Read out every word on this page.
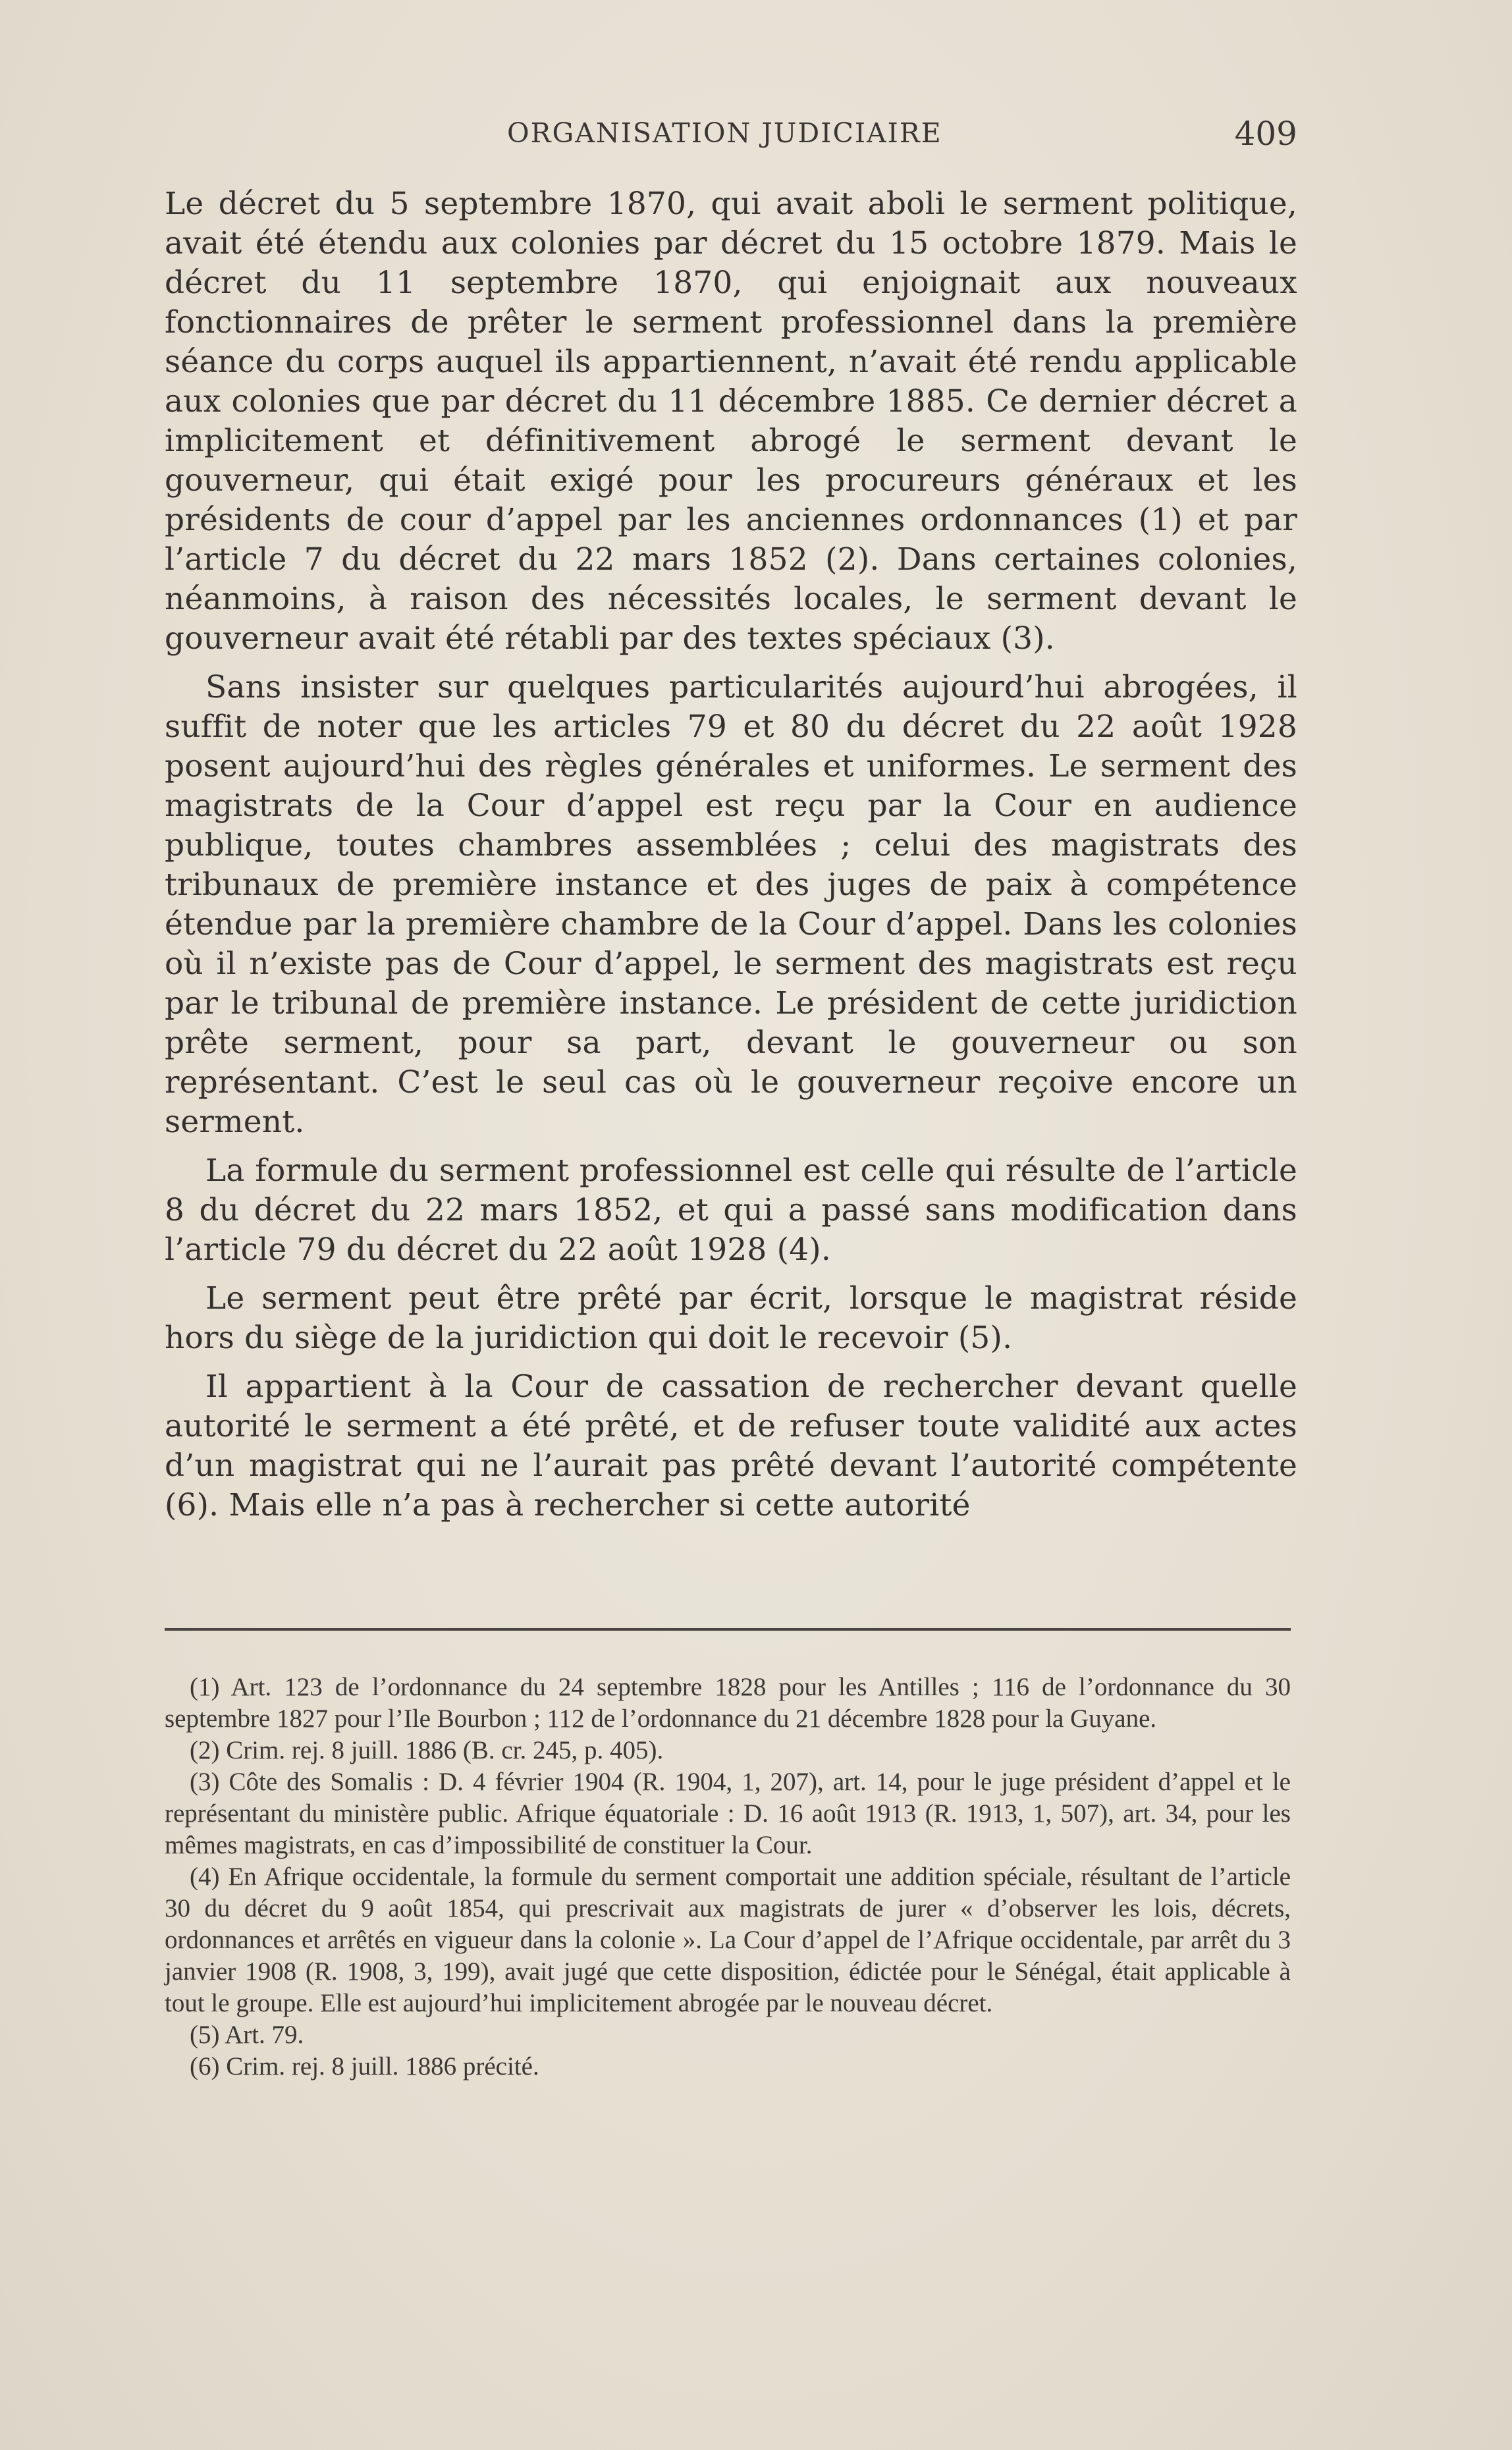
ORGANISATION JUDICIAIRE	409

Le décret du 5 septembre 1870, qui avait aboli le serment politique, avait été étendu aux colonies par décret du 15 octobre 1879. Mais le décret du 11 septembre 1870, qui enjoignait aux nouveaux fonctionnaires de prêter le serment professionnel dans la première séance du corps auquel ils appartiennent, n’avait été rendu applicable aux colonies que par décret du 11 décembre 1885. Ce dernier décret a implicitement et définitivement abrogé le serment devant le gouverneur, qui était exigé pour les procureurs généraux et les présidents de cour d’appel par les anciennes ordonnances (1) et par l’article 7 du décret du 22 mars 1852 (2). Dans certaines colonies, néanmoins, à raison des nécessités locales, le serment devant le gouverneur avait été rétabli par des textes spéciaux (3).

Sans insister sur quelques particularités aujourd’hui abrogées, il suffit de noter que les articles 79 et 80 du décret du 22 août 1928 posent aujourd’hui des règles générales et uniformes. Le serment des magistrats de la Cour d’appel est reçu par la Cour en audience publique, toutes chambres assemblées ; celui des magistrats des tribunaux de première instance et des juges de paix à compétence étendue par la première chambre de la Cour d’appel. Dans les colonies où il n’existe pas de Cour d’appel, le serment des magistrats est reçu par le tribunal de première instance. Le président de cette juridiction prête serment, pour sa part, devant le gouverneur ou son représentant. C’est le seul cas où le gouverneur reçoive encore un serment.

La formule du serment professionnel est celle qui résulte de l’article 8 du décret du 22 mars 1852, et qui a passé sans modification dans l’article 79 du décret du 22 août 1928 (4).

Le serment peut être prêté par écrit, lorsque le magistrat réside hors du siège de la juridiction qui doit le recevoir (5).

Il appartient à la Cour de cassation de rechercher devant quelle autorité le serment a été prêté, et de refuser toute validité aux actes d’un magistrat qui ne l’aurait pas prêté devant l’autorité compétente (6). Mais elle n’a pas à rechercher si cette autorité

(1) Art. 123 de l’ordonnance du 24 septembre 1828 pour les Antilles ; 116 de l’ordonnance du 30 septembre 1827 pour l’Ile Bourbon ; 112 de l’ordonnance du 21 décembre 1828 pour la Guyane.

(2) Crim. rej. 8 juill. 1886 (B. cr. 245, p. 405).

(3) Côte des Somalis : D. 4 février 1904 (R. 1904, 1, 207), art. 14, pour le juge président d’appel et le représentant du ministère public. Afrique équatoriale : D. 16 août 1913 (R. 1913, 1, 507), art. 34, pour les mêmes magistrats, en cas d’impossibilité de constituer la Cour.

(4) En Afrique occidentale, la formule du serment comportait une addition spéciale, résultant de l’article 30 du décret du 9 août 1854, qui prescrivait aux magistrats de jurer « d’observer les lois, décrets, ordonnances et arrêtés en vigueur dans la colonie ». La Cour d’appel de l’Afrique occidentale, par arrêt du 3 janvier 1908 (R. 1908, 3, 199), avait jugé que cette disposition, édictée pour le Sénégal, était applicable à tout le groupe. Elle est aujourd’hui implicitement abrogée par le nouveau décret.

(5) Art. 79.

(6) Crim. rej. 8 juill. 1886 précité.
